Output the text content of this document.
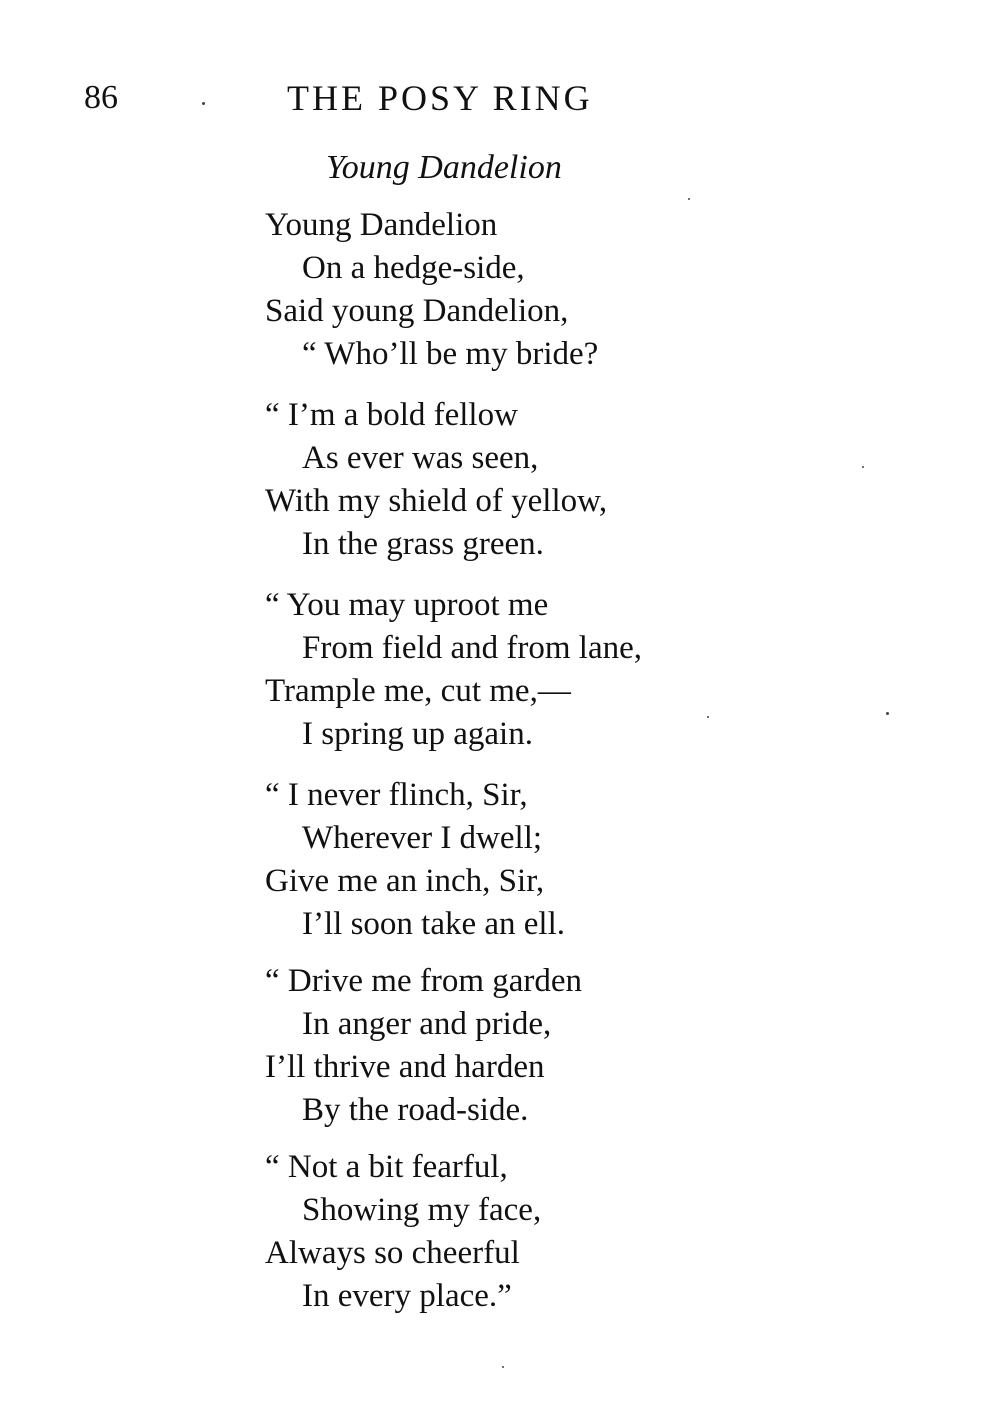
86	THE POSY RING
Young Dandelion
Young Dandelion
On a hedge-side,
Said young Dandelion,
“ Who’ll be my bride?
“ I’m a bold fellow
As ever was seen,
With my shield of yellow,
In the grass green.
“ You may uproot me
From field and from lane,
Trample me, cut me,—
I spring up again.
“ I never flinch, Sir,
Wherever I dwell;
Give me an inch, Sir,
I’ll soon take an ell.
“ Drive me from garden
In anger and pride,
I’ll thrive and harden
By the road-side.
“ Not a bit fearful,
Showing my face,
Always so cheerful
In every place.”
